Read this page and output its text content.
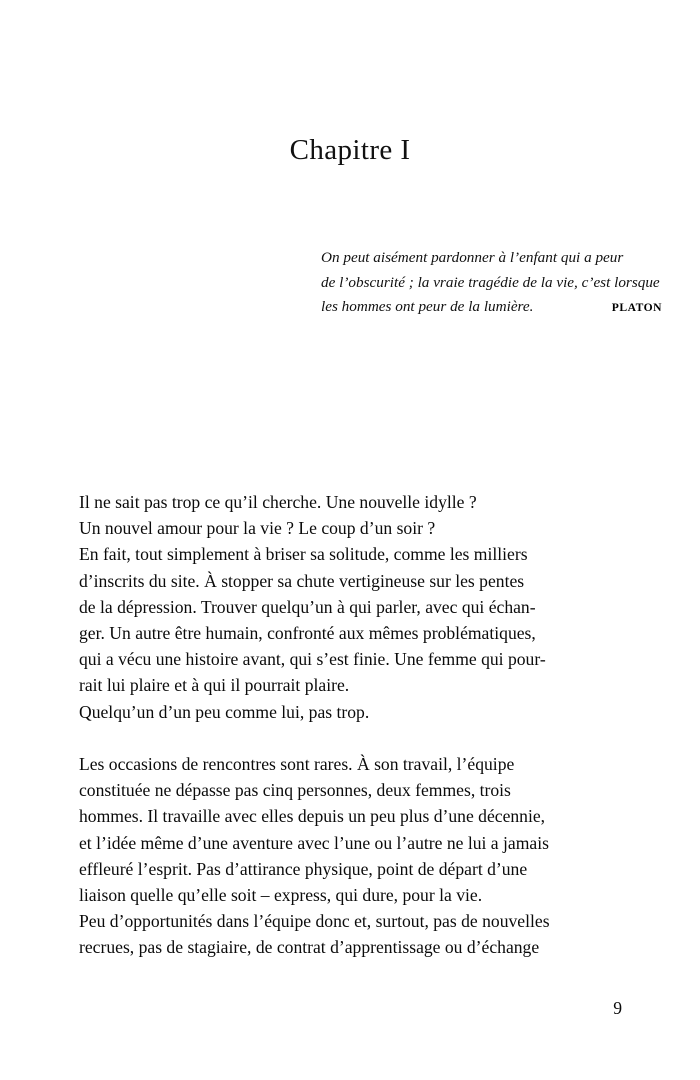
Chapitre I
On peut aisément pardonner à l’enfant qui a peur
de l’obscurité ; la vraie tragédie de la vie, c’est lorsque
les hommes ont peur de la lumière.	PLATON

Il ne sait pas trop ce qu’il cherche. Une nouvelle idylle ?
Un nouvel amour pour la vie ? Le coup d’un soir ?
En fait, tout simplement à briser sa solitude, comme les milliers
d’inscrits du site. À stopper sa chute vertigineuse sur les pentes
de la dépression. Trouver quelqu’un à qui parler, avec qui échan-
ger. Un autre être humain, confronté aux mêmes problématiques,
qui a vécu une histoire avant, qui s’est finie. Une femme qui pour-
rait lui plaire et à qui il pourrait plaire.
Quelqu’un d’un peu comme lui, pas trop.

Les occasions de rencontres sont rares. À son travail, l’équipe
constituée ne dépasse pas cinq personnes, deux femmes, trois
hommes. Il travaille avec elles depuis un peu plus d’une décennie,
et l’idée même d’une aventure avec l’une ou l’autre ne lui a jamais
effleuré l’esprit. Pas d’attirance physique, point de départ d’une
liaison quelle qu’elle soit – express, qui dure, pour la vie.
Peu d’opportunités dans l’équipe donc et, surtout, pas de nouvelles
recrues, pas de stagiaire, de contrat d’apprentissage ou d’échange

9
